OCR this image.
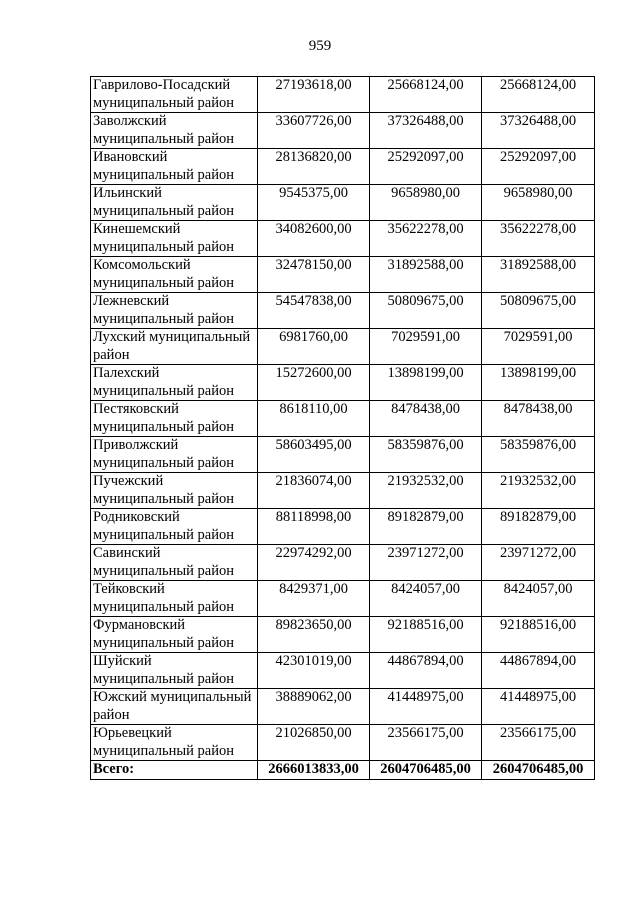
959
Гаврилово-Посадский муниципальный район	27193618,00	25668124,00	25668124,00
Заволжский муниципальный район	33607726,00	37326488,00	37326488,00
Ивановский муниципальный район	28136820,00	25292097,00	25292097,00
Ильинский муниципальный район	9545375,00	9658980,00	9658980,00
Кинешемский муниципальный район	34082600,00	35622278,00	35622278,00
Комсомольский муниципальный район	32478150,00	31892588,00	31892588,00
Лежневский муниципальный район	54547838,00	50809675,00	50809675,00
Лухский муниципальный район	6981760,00	7029591,00	7029591,00
Палехский муниципальный район	15272600,00	13898199,00	13898199,00
Пестяковский муниципальный район	8618110,00	8478438,00	8478438,00
Приволжский муниципальный район	58603495,00	58359876,00	58359876,00
Пучежский муниципальный район	21836074,00	21932532,00	21932532,00
Родниковский муниципальный район	88118998,00	89182879,00	89182879,00
Савинский муниципальный район	22974292,00	23971272,00	23971272,00
Тейковский муниципальный район	8429371,00	8424057,00	8424057,00
Фурмановский муниципальный район	89823650,00	92188516,00	92188516,00
Шуйский муниципальный район	42301019,00	44867894,00	44867894,00
Южский муниципальный район	38889062,00	41448975,00	41448975,00
Юрьевецкий муниципальный район	21026850,00	23566175,00	23566175,00
Всего:	2666013833,00	2604706485,00	2604706485,00
